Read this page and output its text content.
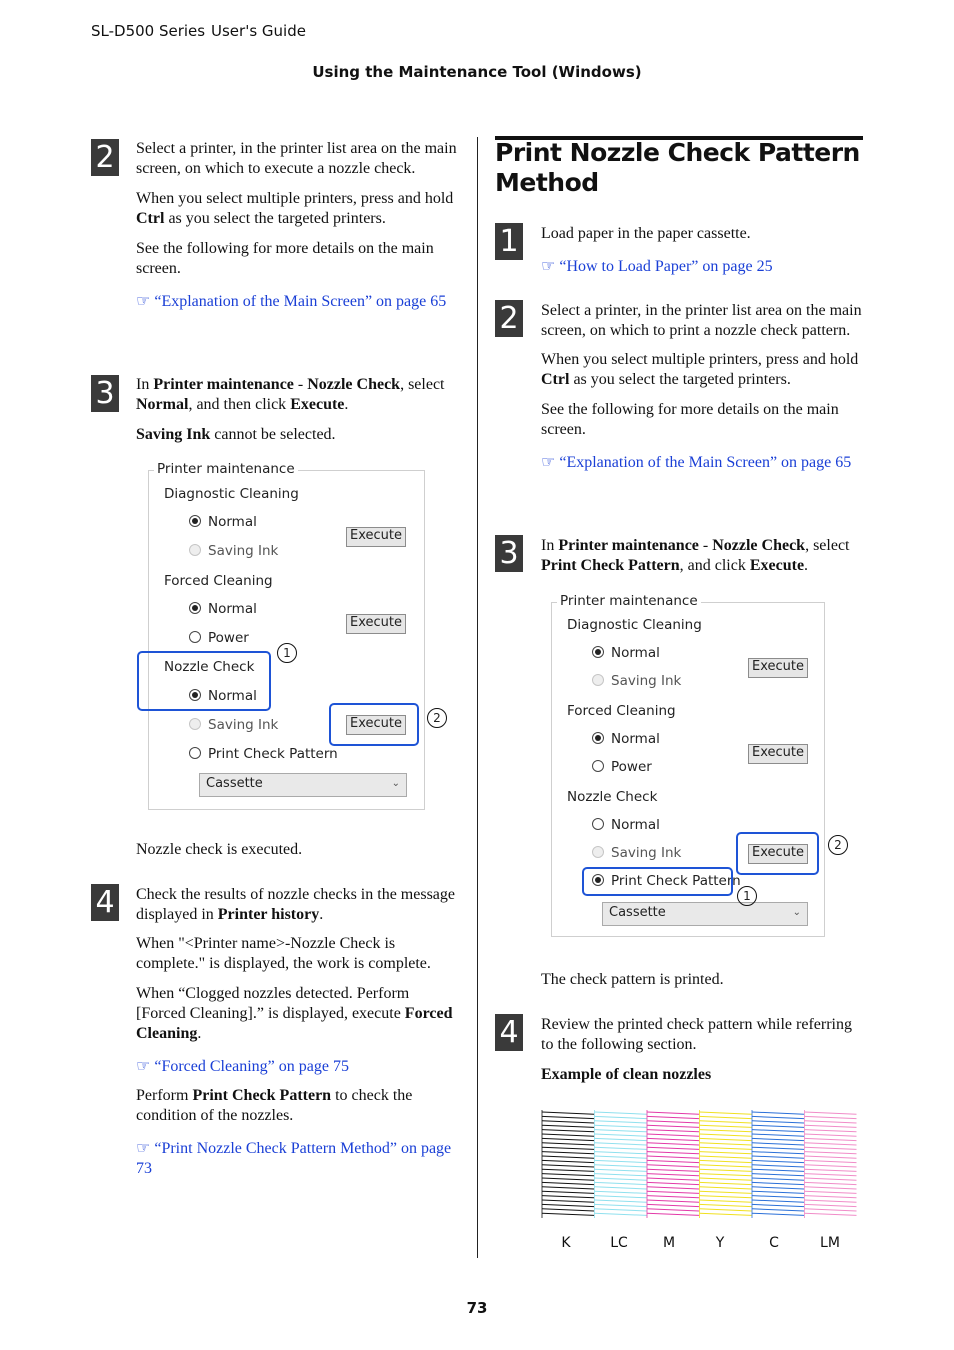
SL-D500 Series User's Guide
Using the Maintenance Tool (Windows)
2 Select a printer, in the printer list area on the main screen, on which to execute a nozzle check.

When you select multiple printers, press and hold Ctrl as you select the targeted printers.

See the following for more details on the main screen.

☞ “Explanation of the Main Screen” on page 65

3 In Printer maintenance - Nozzle Check, select Normal, and then click Execute.

Saving Ink cannot be selected.

Printer maintenance
Diagnostic Cleaning
Normal
Saving Ink
Execute
Forced Cleaning
Normal
Power
Execute
Nozzle Check
Normal
Saving Ink
Print Check Pattern
Execute
Cassette	⌄
1
2

Nozzle check is executed.

4 Check the results of nozzle checks in the message displayed in Printer history.

When "<Printer name>-Nozzle Check is complete." is displayed, the work is complete.

When “Clogged nozzles detected. Perform [Forced Cleaning].” is displayed, execute Forced Cleaning.

☞ “Forced Cleaning” on page 75

Perform Print Check Pattern to check the condition of the nozzles.

☞ “Print Nozzle Check Pattern Method” on page 73

Print Nozzle Check Pattern Method
1 Load paper in the paper cassette.

☞ “How to Load Paper” on page 25

2 Select a printer, in the printer list area on the main screen, on which to print a nozzle check pattern.

When you select multiple printers, press and hold Ctrl as you select the targeted printers.

See the following for more details on the main screen.

☞ “Explanation of the Main Screen” on page 65

3 In Printer maintenance - Nozzle Check, select Print Check Pattern, and click Execute.

Printer maintenance
Diagnostic Cleaning
Normal
Saving Ink
Execute
Forced Cleaning
Normal
Power
Execute
Nozzle Check
Normal
Saving Ink
Print Check Pattern
Execute
Cassette	⌄
1
2

The check pattern is printed.

4 Review the printed check pattern while referring to the following section.

Example of clean nozzles

K	LC	M	Y	C	LM
73
